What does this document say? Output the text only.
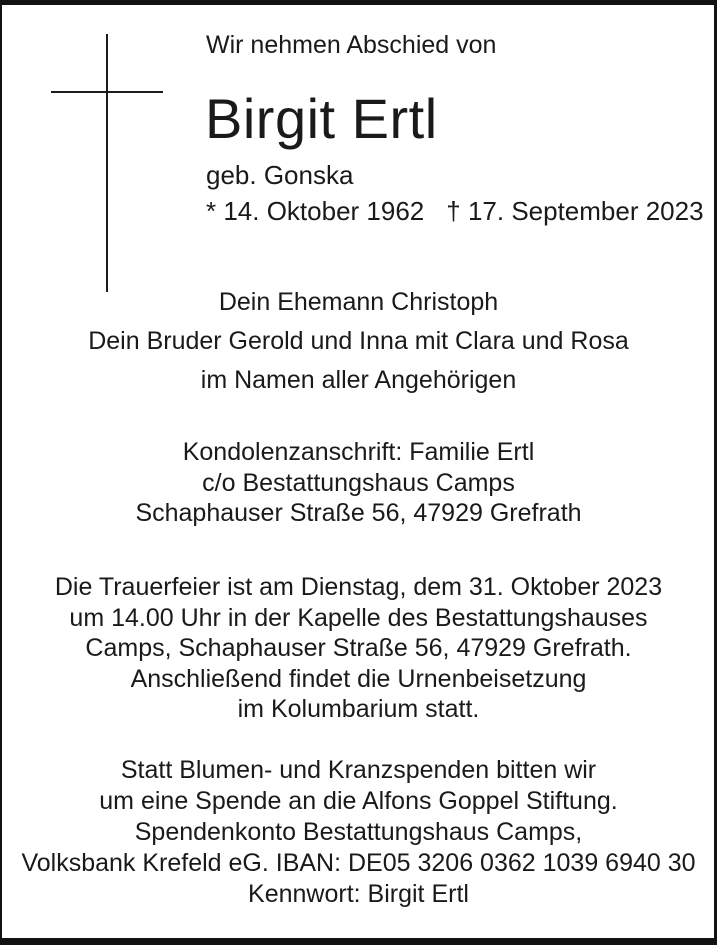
Wir nehmen Abschied von
Birgit Ertl
geb. Gonska
* 14. Oktober 1962 † 17. September 2023
Dein Ehemann Christoph
Dein Bruder Gerold und Inna mit Clara und Rosa
im Namen aller Angehörigen
Kondolenzanschrift: Familie Ertl
c/o Bestattungshaus Camps
Schaphauser Straße 56, 47929 Grefrath
Die Trauerfeier ist am Dienstag, dem 31. Oktober 2023
um 14.00 Uhr in der Kapelle des Bestattungshauses
Camps, Schaphauser Straße 56, 47929 Grefrath.
Anschließend findet die Urnenbeisetzung
im Kolumbarium statt.
Statt Blumen- und Kranzspenden bitten wir
um eine Spende an die Alfons Goppel Stiftung.
Spendenkonto Bestattungshaus Camps,
Volksbank Krefeld eG. IBAN: DE05 3206 0362 1039 6940 30
Kennwort: Birgit Ertl
